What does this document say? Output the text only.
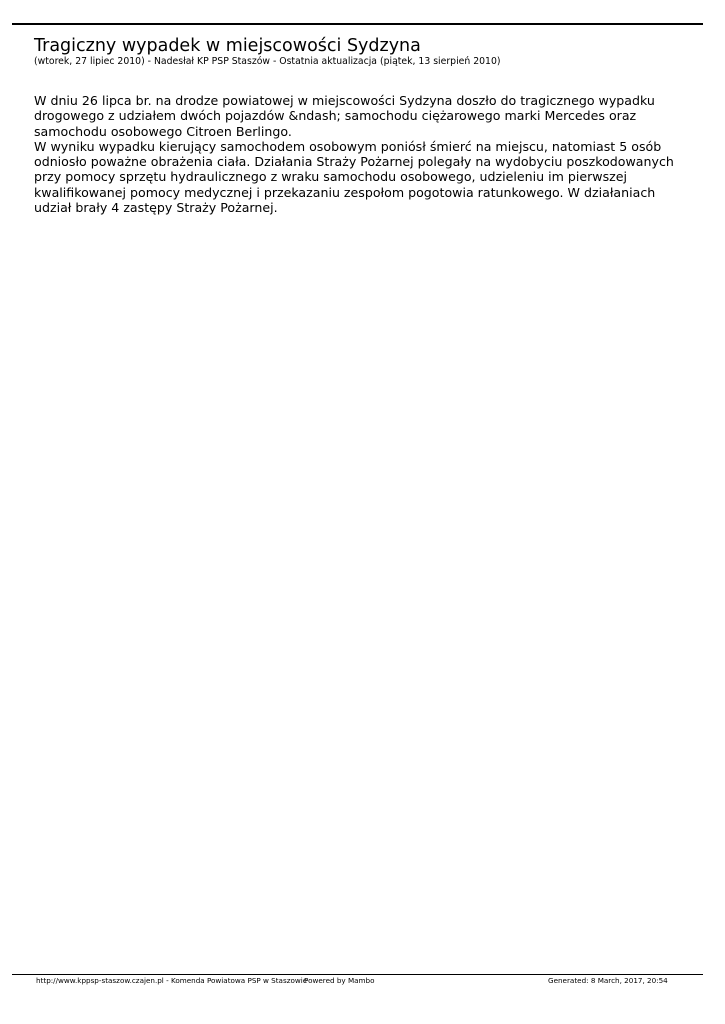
Tragiczny wypadek w miejscowości Sydzyna
(wtorek, 27 lipiec 2010) - Nadesłał KP PSP Staszów - Ostatnia aktualizacja (piątek, 13 sierpień 2010)

W dniu 26 lipca br. na drodze powiatowej w miejscowości Sydzyna doszło do tragicznego wypadku drogowego z udziałem dwóch pojazdów &ndash; samochodu ciężarowego marki Mercedes oraz samochodu osobowego Citroen Berlingo.

W wyniku wypadku kierujący samochodem osobowym poniósł śmierć na miejscu, natomiast 5 osób odniosło poważne obrażenia ciała. Działania Straży Pożarnej polegały na wydobyciu poszkodowanych przy pomocy sprzętu hydraulicznego z wraku samochodu osobowego, udzieleniu im pierwszej kwalifikowanej pomocy medycznej i przekazaniu zespołom pogotowia ratunkowego. W działaniach udział brały 4 zastępy Straży Pożarnej.

http://www.kppsp-staszow.czajen.pl - Komenda Powiatowa PSP w Staszowie
Powered by Mambo	Generated: 8 March, 2017, 20:54
